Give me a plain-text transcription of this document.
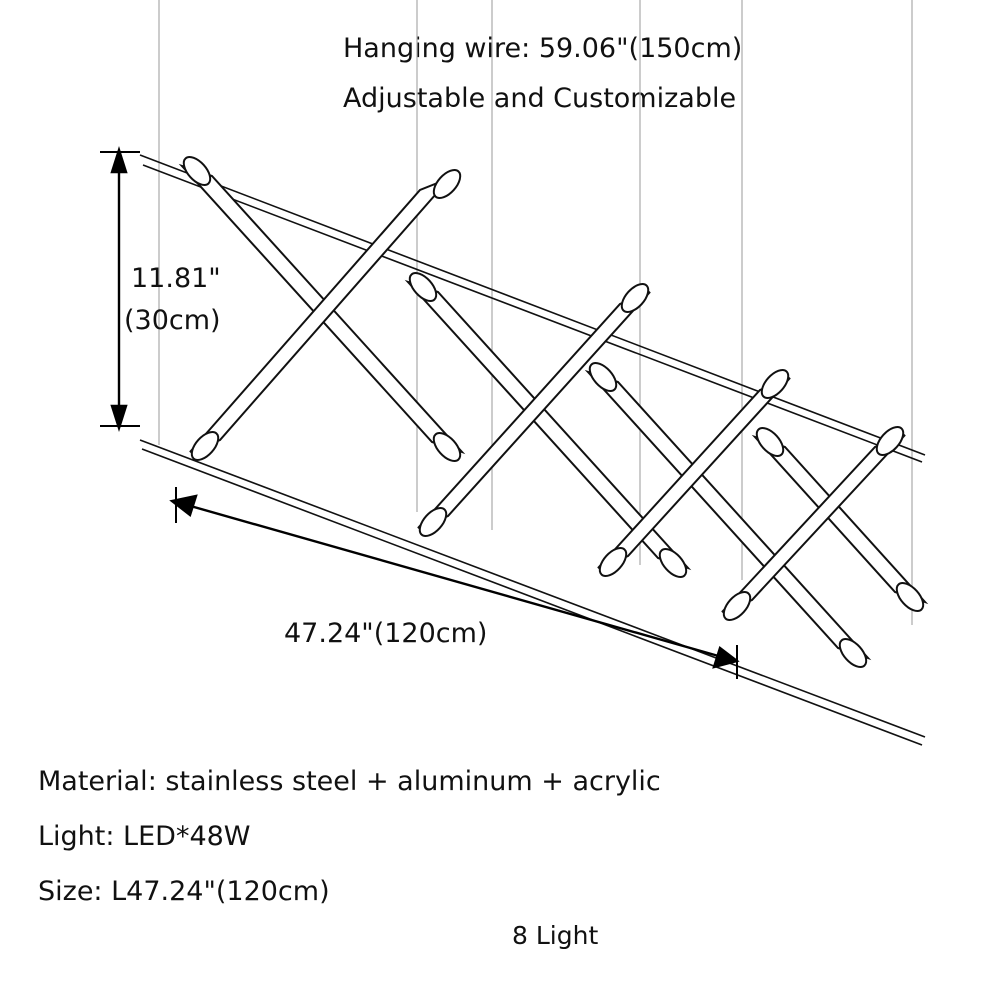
Hanging wire: 59.06"(150cm)
Adjustable and Customizable
11.81"
(30cm)
47.24"(120cm)
Material: stainless steel + aluminum + acrylic
Light: LED*48W
Size: L47.24"(120cm)
8 Light
